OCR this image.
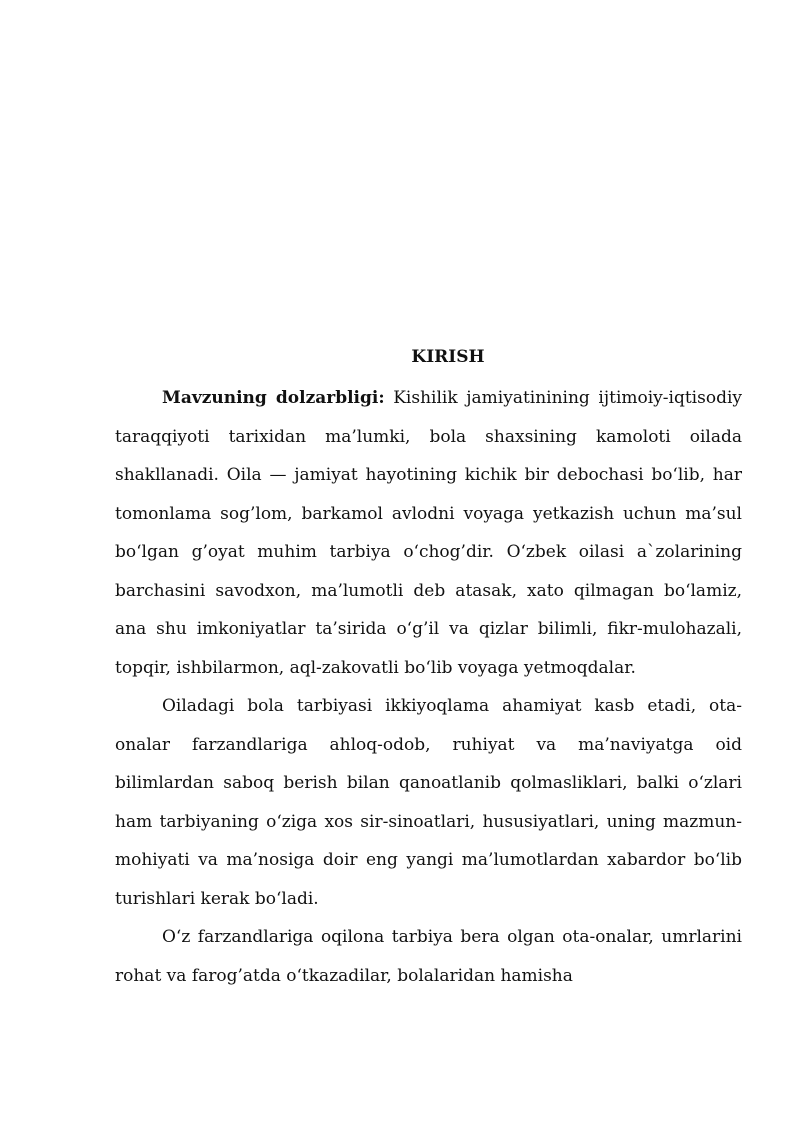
KIRISH

Mavzuning dolzarbligi: Kishilik jamiyatinining ijtimoiy-iqtisodiy taraqqiyoti tarixidan ma’lumki, bola shaxsining kamoloti oilada shakllanadi. Oila — jamiyat hayotining kichik bir debochasi bo‘lib, har tomonlama sog’lom, barkamol avlodni voyaga yetkazish uchun ma’sul bo‘lgan g’oyat muhim tarbiya o‘chog’dir. O‘zbek oilasi a`zolarining barchasini savodxon, ma’lumotli deb atasak, xato qilmagan bo‘lamiz, ana shu imkoniyatlar ta’sirida o‘g’il va qizlar bilimli, fikr-mulohazali, topqir, ishbilarmon, aql-zakovatli bo‘lib voyaga yetmoqdalar.

Oiladagi bola tarbiyasi ikkiyoqlama ahamiyat kasb etadi, ota-onalar farzandlariga ahloq-odob, ruhiyat va ma’naviyatga oid bilimlardan saboq berish bilan qanoatlanib qolmasliklari, balki o‘zlari ham tarbiyaning o‘ziga xos sir-sinoatlari, hususiyatlari, uning mazmun-mohiyati va ma’nosiga doir eng yangi ma’lumotlardan xabardor bo‘lib turishlari kerak bo‘ladi.

O‘z farzandlariga oqilona tarbiya bera olgan ota-onalar, umrlarini rohat va farog’atda o‘tkazadilar, bolalaridan hamisha
